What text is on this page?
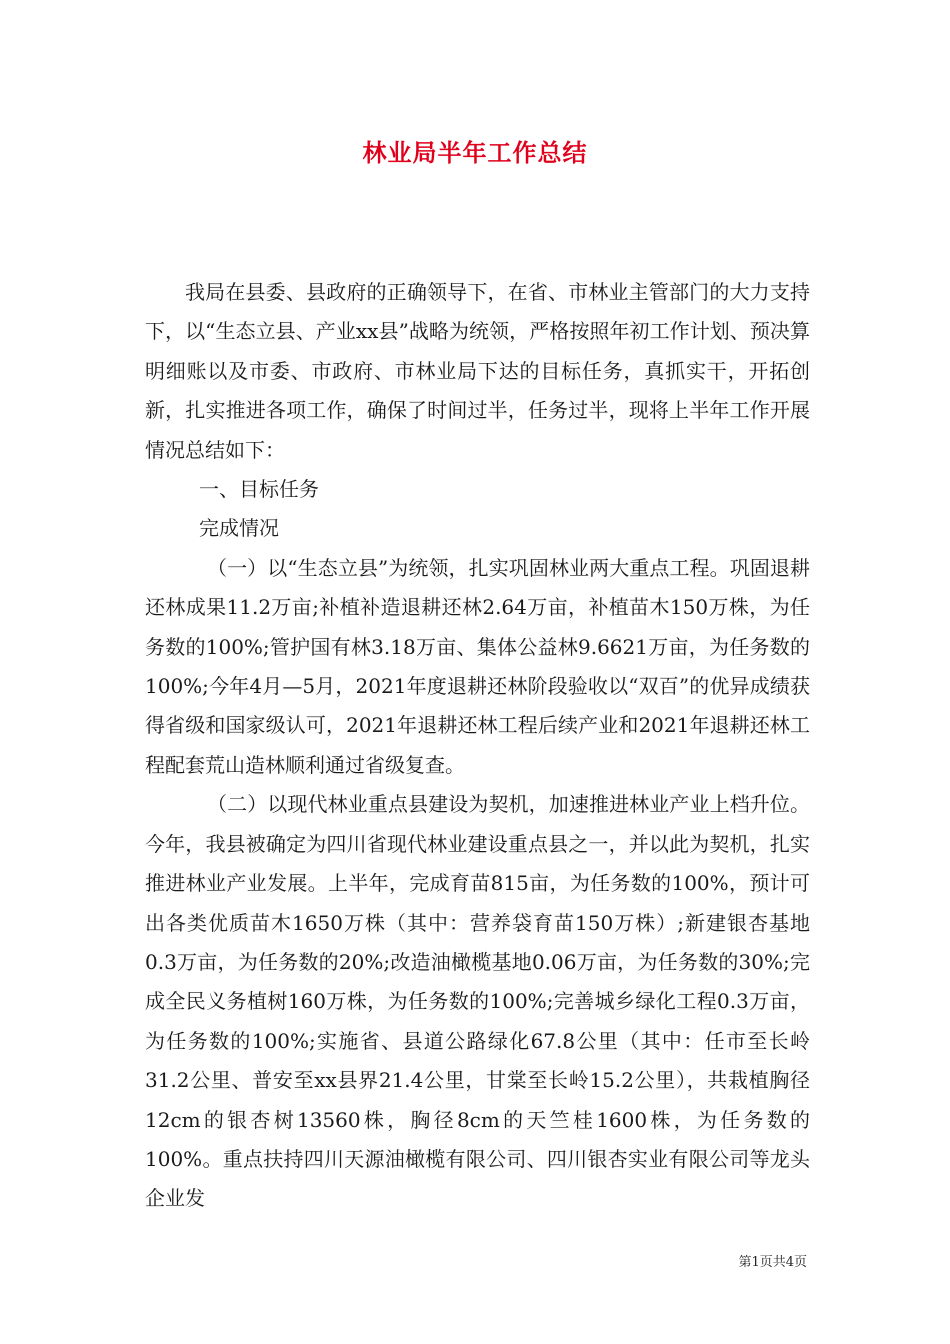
林业局半年工作总结

我局在县委、县政府的正确领导下，在省、市林业主管部门的大力支持下，以“生态立县、产业xx县”战略为统领，严格按照年初工作计划、预决算明细账以及市委、市政府、市林业局下达的目标任务，真抓实干，开拓创新，扎实推进各项工作，确保了时间过半，任务过半，现将上半年工作开展情况总结如下：

一、目标任务

完成情况

（一）以“生态立县”为统领，扎实巩固林业两大重点工程。巩固退耕还林成果11.2万亩;补植补造退耕还林2.64万亩，补植苗木150万株，为任务数的100%;管护国有林3.18万亩、集体公益林9.6621万亩，为任务数的100%;今年4月—5月，2021年度退耕还林阶段验收以“双百”的优异成绩获得省级和国家级认可，2021年退耕还林工程后续产业和2021年退耕还林工程配套荒山造林顺利通过省级复查。

（二）以现代林业重点县建设为契机，加速推进林业产业上档升位。今年，我县被确定为四川省现代林业建设重点县之一，并以此为契机，扎实推进林业产业发展。上半年，完成育苗815亩，为任务数的100%，预计可出各类优质苗木1650万株（其中：营养袋育苗150万株）;新建银杏基地0.3万亩，为任务数的20%;改造油橄榄基地0.06万亩，为任务数的30%;完成全民义务植树160万株，为任务数的100%;完善城乡绿化工程0.3万亩，为任务数的100%;实施省、县道公路绿化67.8公里（其中：任市至长岭31.2公里、普安至xx县界21.4公里，甘棠至长岭15.2公里），共栽植胸径12cm的银杏树13560株，胸径8cm的天竺桂1600株，为任务数的100%。重点扶持四川天源油橄榄有限公司、四川银杏实业有限公司等龙头企业发

第1页共4页
